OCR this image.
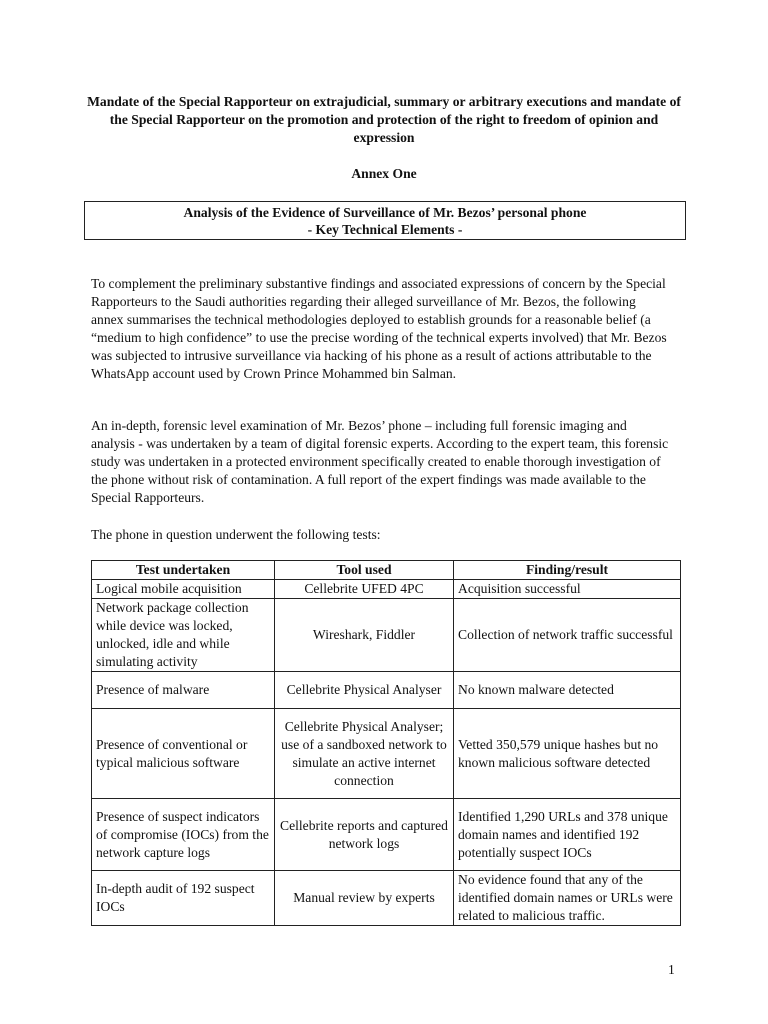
Mandate of the Special Rapporteur on extrajudicial, summary or arbitrary executions and mandate of the Special Rapporteur on the promotion and protection of the right to freedom of opinion and expression
Annex One
Analysis of the Evidence of Surveillance of Mr. Bezos’ personal phone
- Key Technical Elements -

To complement the preliminary substantive findings and associated expressions of concern by the Special Rapporteurs to the Saudi authorities regarding their alleged surveillance of Mr. Bezos, the following annex summarises the technical methodologies deployed to establish grounds for a reasonable belief (a “medium to high confidence” to use the precise wording of the technical experts involved) that Mr. Bezos was subjected to intrusive surveillance via hacking of his phone as a result of actions attributable to the WhatsApp account used by Crown Prince Mohammed bin Salman.

An in-depth, forensic level examination of Mr. Bezos’ phone – including full forensic imaging and analysis - was undertaken by a team of digital forensic experts. According to the expert team, this forensic study was undertaken in a protected environment specifically created to enable thorough investigation of the phone without risk of contamination. A full report of the expert findings was made available to the Special Rapporteurs.

The phone in question underwent the following tests:

Test undertaken	Tool used	Finding/result
Logical mobile acquisition	Cellebrite UFED 4PC	Acquisition successful
Network package collection while device was locked, unlocked, idle and while simulating activity	Wireshark, Fiddler	Collection of network traffic successful
Presence of malware	Cellebrite Physical Analyser	No known malware detected
Presence of conventional or typical malicious software	Cellebrite Physical Analyser; use of a sandboxed network to simulate an active internet connection	Vetted 350,579 unique hashes but no known malicious software detected
Presence of suspect indicators of compromise (IOCs) from the network capture logs	Cellebrite reports and captured network logs	Identified 1,290 URLs and 378 unique domain names and identified 192 potentially suspect IOCs
In-depth audit of 192 suspect IOCs	Manual review by experts	No evidence found that any of the identified domain names or URLs were related to malicious traffic.
1
